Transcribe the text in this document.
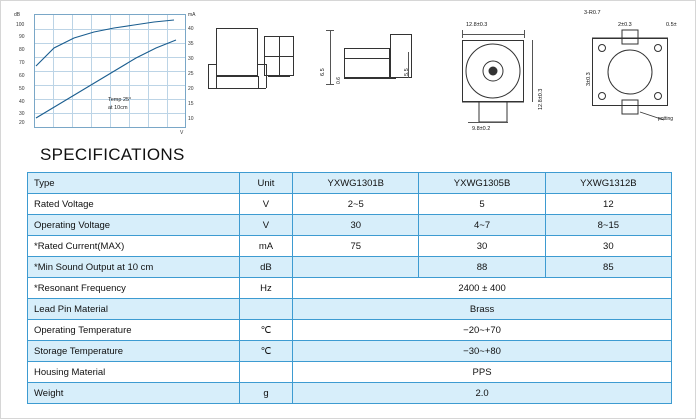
dB	mA
100
90
80
70
60
50
40
30
20
40
35
30
25
20
15
10
V
Temp 25°
at 10cm
6.5
0.6
5.5
12.8±0.3
12.8±0.3
9.8±0.2
3-R0.7
2±0.3	0.5±
3±0.3
potting
SPECIFICATIONS
Type	Unit	YXWG1301B	YXWG1305B	YXWG1312B
Rated Voltage	V	2~5	5	12
Operating Voltage	V	30	4~7	8~15
*Rated Current(MAX)	mA	75	30	30
*Min Sound Output at 10 cm	dB		88	85
*Resonant Frequency	Hz	2400 ± 400		
Lead Pin Material		Brass		
Operating Temperature	℃	−20~+70		
Storage Temperature	℃	−30~+80		
Housing Material		PPS		
Weight	g	2.0		
